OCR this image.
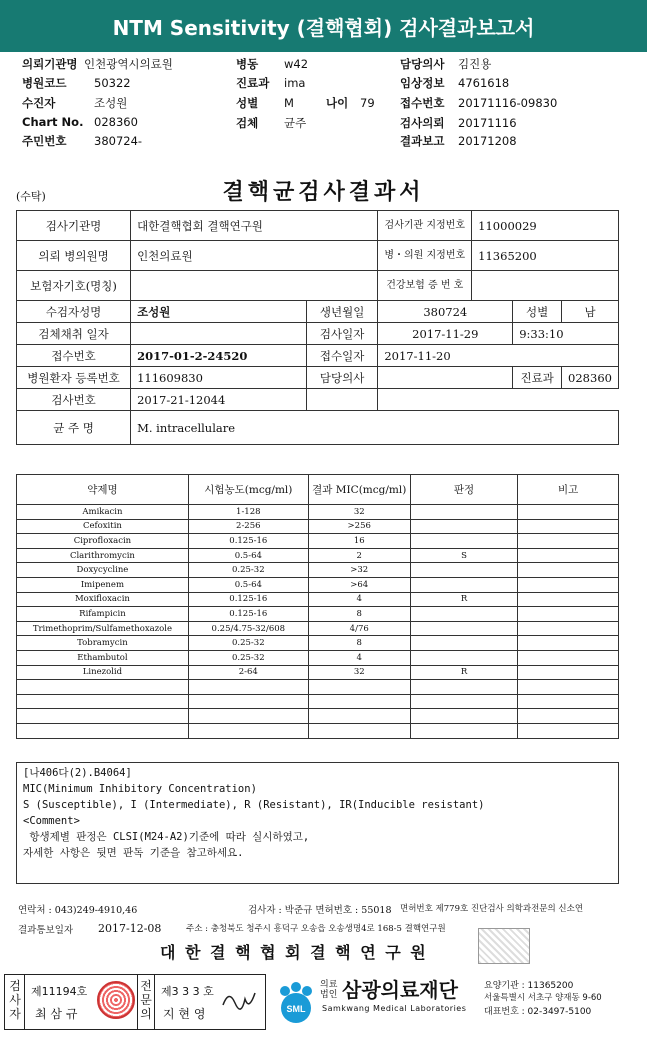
NTM Sensitivity (결핵협회) 검사결과보고서
의뢰기관명 인천광역시의료원
병원코드 50322
수진자	조성원
Chart No. 028360
주민번호 380724-
병동 w42
진료과 ima
성별 M	나이 79
검체 균주
담당의사 김진용
임상정보 4761618
접수번호 20171116-09830
검사의뢰 20171116
결과보고 20171208
(수탁)	결핵균검사결과서
검사기관명	대한결핵협회 결핵연구원		검사기관 지정번호	11000029		
의뢰 병의원명	인천의료원		병・의원 지정번호	11365200		
보험자기호(명칭)			건강보험 증 번 호			
수검자성명	조성원	생년월일	380724		성별	남
검체채취 일자		검사일자	2017-11-29		9:33:10	
접수번호	2017-01-2-24520	접수일자	2017-11-20			
병원환자 등록번호	111609830	담당의사			진료과	028360
검사번호	2017-21-12044					
균 주 명	M. intracellulare					
약제명	시험농도(mcg/ml)	결과 MIC(mcg/ml)	판정	비고
Amikacin	1-128	32		
Cefoxitin	2-256	>256		
Ciprofloxacin	0.125-16	16		
Clarithromycin	0.5-64	2	S	
Doxycycline	0.25-32	>32		
Imipenem	0.5-64	>64		
Moxifloxacin	0.125-16	4	R	
Rifampicin	0.125-16	8		
Trimethoprim/Sulfamethoxazole	0.25/4.75-32/608	4/76		
Tobramycin	0.25-32	8		
Ethambutol	0.25-32	4		
Linezolid	2-64	32	R	

[나406다(2).B4064]
MIC(Minimum Inhibitory Concentration)
S (Susceptible), I (Intermediate), R (Resistant), IR(Inducible resistant)
<Comment>
항생제별 판정은 CLSI(M24-A2)기준에 따라 실시하였고,
자세한 사항은 뒷면 판독 기준을 참고하세요.
연락처 : 043)249-4910,46	검사자 : 박준규 면허번호 : 55018 면허번호 제779호 진단검사 의학과전문의 신소연
결과통보일자 2017-12-08	주소 : 충청북도 청주시 흥덕구 오송읍 오송생명4로 168-5 결핵연구원
대 한 결 핵 협 회 결 핵 연 구 원
검사자
제11194호
최 삼 규
전문의
제3 3 3 호
지 현 영	SML
의료 법인 삼광의료재단
Samkwang Medical Laboratories
요양기관 : 11365200
서울특별시 서초구 양재동 9-60
대표번호 : 02-3497-5100
